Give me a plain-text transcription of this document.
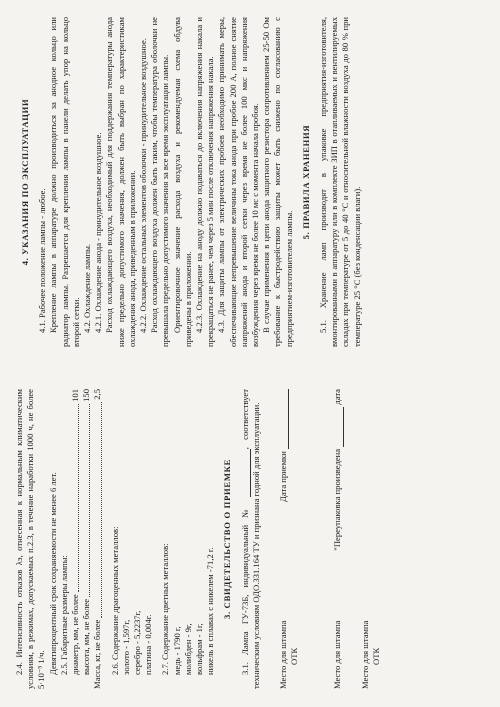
2.4. Интенсивность отказов λэ, отнесенная к нормальным климатическим условиям, в режимах, допускаемых п.2.3, в течение наработки 1000 ч, не более 5·10⁻⁵ 1/ч. Девятипроцентный срок сохраняемости не менее 6 лет. 2.5. Габаритные размеры лампы: диаметр, мм, не более
101
высота, мм, не более
150
Масса, кг, не более
2,5

2.6. Содержание драгоценных металлов: золото - 1,597г, серебро - 5,2237г, платина - 0,004г. 2.7. Содержание цветных металлов: медь - 1790 г, молибден - 9г, вольфрам - 1г, никель в сплавах с никелем -71,2 г. 3. СВИДЕТЕЛЬСТВО О ПРИЕМКЕ 3.1. Лампа ГУ-73Б, индивидуальный № , соответствует техническим условиям ОДО.331.164 ТУ и признана годной для эксплуатации. Место для штампа ОТК
Дата приемки
Место для штампа
"Переупаковка произведена  дата
Место для штампа ОТК

4. УКАЗАНИЯ ПО ЭКСПЛУАТАЦИИ 4.1. Рабочее положение лампы - любое. Крепление лампы в аппаратуре должно производиться за анодное кольцо или радиатор лампы. Разрешается для крепления лампы в панели делать упор на кольцо второй сетки. 4.2. Охлаждение лампы. 4.2.1. Охлаждение анода - принудительное воздушное. Расход охлаждающего воздуха, необходимый для поддержания температуры анода ниже предельно допустимого значения, должен быть выбран по характеристикам охлаждения анода, приведенным в приложении. 4.2.2. Охлаждение остальных элементов оболочки - принудительное воздушное. Расход охлаждающего воздуха должен быть таким, чтобы температура оболочки не превышала предельно допустимого значения за все время эксплуатации лампы. Ориентировочное значение расхода воздуха и рекомендуемая схема обдува приведены в приложении. 4.2.3. Охлаждение на аноду должно подаваться до включения напряжения накала и прекращаться не ранее, чем через 5 мин после отключения напряжения накала. 4.3. Для защиты лампы от электрических пробоев необходимо принимать меры, обеспечивающие непревышение величины тока анода при пробое 200 А, полное снятие напряжений анода и второй сетки через время не более 100 мкс и напряжения возбуждения через время не более 10 мс с момента начала пробоя. В случае применения в цепи анода защитного резистора сопротивлением 25-50 Ом требование к быстродействию защиты может быть снижено по согласованию с предприятием-изготовителем лампы.

5. ПРАВИЛА ХРАНЕНИЯ 5.1. Хранение ламп производят в упаковке предприятия-изготовителя, вмонтированными в аппаратуру или в комплекте ЗИП в отапливаемых и вентилируемых складах при температуре от 5 до 40 °С и относительной влажности воздуха до 80 % при температуре 25 °С (без конденсации влаги).
